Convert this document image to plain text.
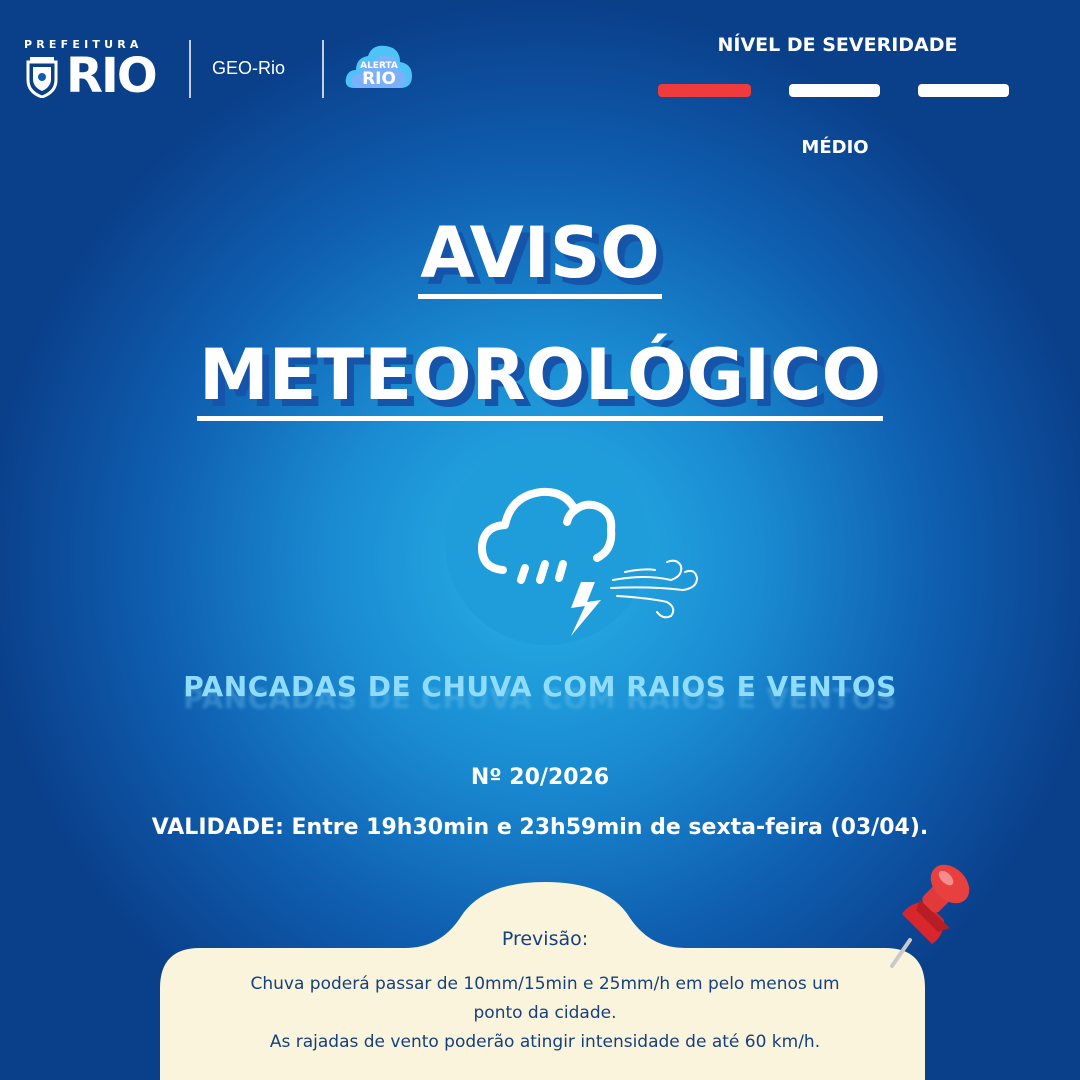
PREFEITURA
RIO	GEO-Rio	ALERTA
RIO
NÍVEL DE SEVERIDADE
MÉDIO
AVISO
METEOROLÓGICO
PANCADAS DE CHUVA COM RAIOS E VENTOS
Nº 20/2026
VALIDADE: Entre 19h30min e 23h59min de sexta-feira (03/04).
Previsão:
Chuva poderá passar de 10mm/15min e 25mm/h em pelo menos um
ponto da cidade.
As rajadas de vento poderão atingir intensidade de até 60 km/h.
